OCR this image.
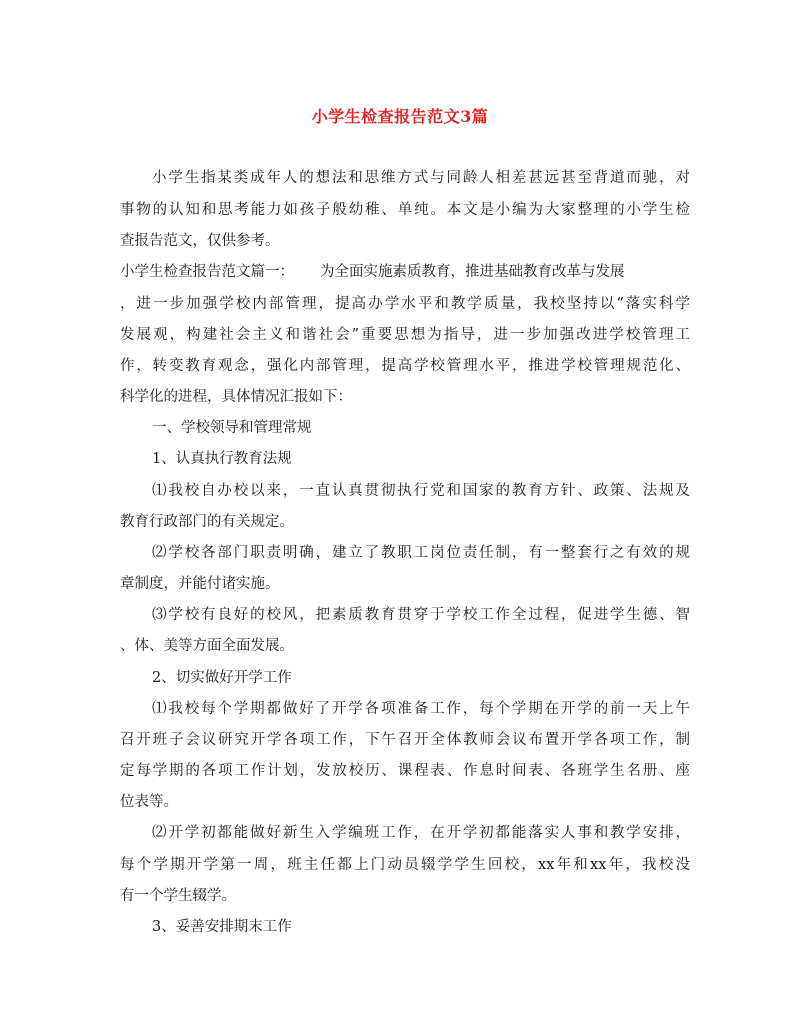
小学生检查报告范文3篇
小学生指某类成年人的想法和思维方式与同龄人相差甚远甚至背道而驰，对
事物的认知和思考能力如孩子般幼稚、单纯。本文是小编为大家整理的小学生检
查报告范文，仅供参考。
小学生检查报告范文篇一： 为全面实施素质教育，推进基础教育改革与发展
，进一步加强学校内部管理，提高办学水平和教学质量，我校坚持以“落实科学
发展观，构建社会主义和谐社会”重要思想为指导，进一步加强改进学校管理工
作，转变教育观念，强化内部管理，提高学校管理水平，推进学校管理规范化、
科学化的进程，具体情况汇报如下：
一、学校领导和管理常规
1、认真执行教育法规
⑴我校自办校以来，一直认真贯彻执行党和国家的教育方针、政策、法规及
教育行政部门的有关规定。
⑵学校各部门职责明确，建立了教职工岗位责任制，有一整套行之有效的规
章制度，并能付诸实施。
⑶学校有良好的校风，把素质教育贯穿于学校工作全过程，促进学生德、智
、体、美等方面全面发展。
2、切实做好开学工作
⑴我校每个学期都做好了开学各项准备工作，每个学期在开学的前一天上午
召开班子会议研究开学各项工作，下午召开全体教师会议布置开学各项工作，制
定每学期的各项工作计划，发放校历、课程表、作息时间表、各班学生名册、座
位表等。
⑵开学初都能做好新生入学编班工作，在开学初都能落实人事和教学安排，
每个学期开学第一周，班主任都上门动员辍学学生回校，xx年和xx年，我校没
有一个学生辍学。
3、妥善安排期末工作
